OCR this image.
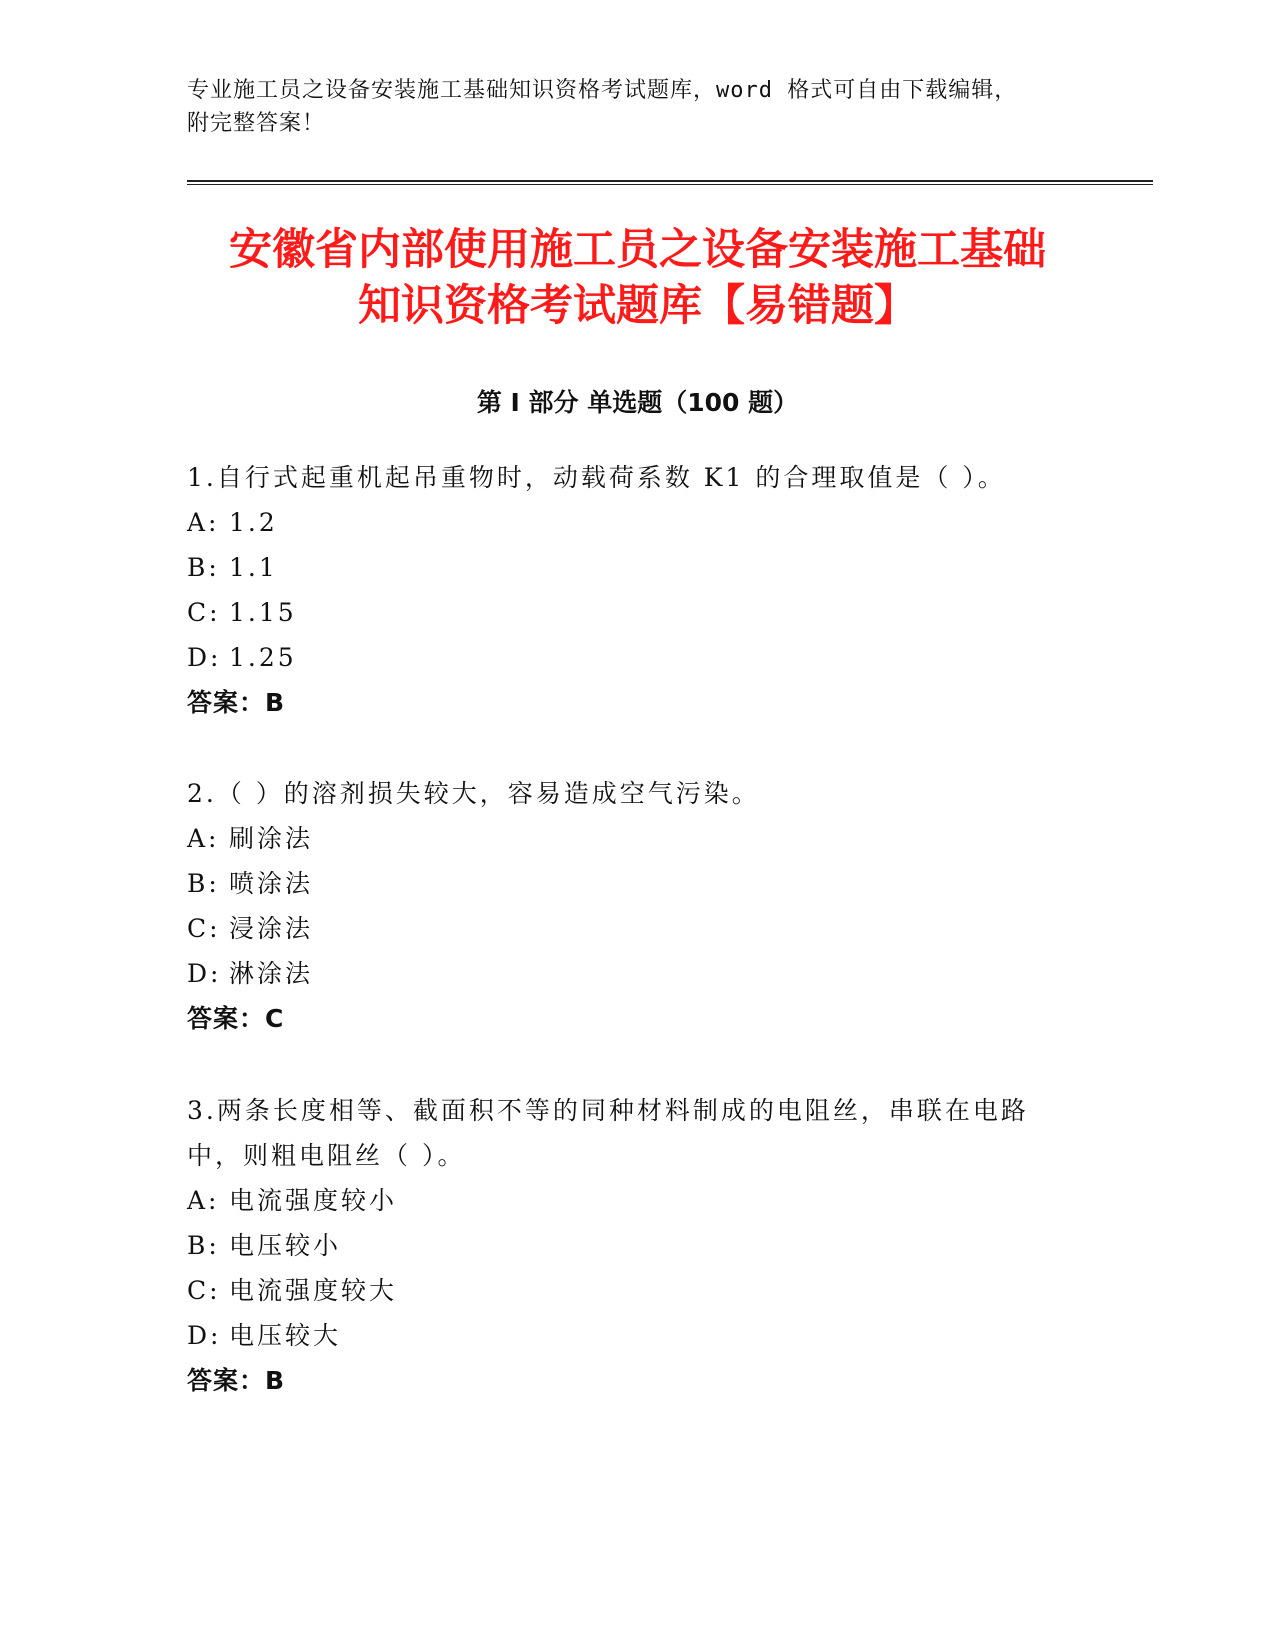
专业施工员之设备安装施工基础知识资格考试题库，word 格式可自由下载编辑，
附完整答案！
安徽省内部使用施工员之设备安装施工基础
知识资格考试题库【易错题】
第 I 部分 单选题（100 题）
1.自行式起重机起吊重物时，动载荷系数 K1 的合理取值是（ ）。
A: 1.2
B: 1.1
C: 1.15
D: 1.25
答案：B
2.（ ）的溶剂损失较大，容易造成空气污染。
A: 刷涂法
B: 喷涂法
C: 浸涂法
D: 淋涂法
答案：C
3.两条长度相等、截面积不等的同种材料制成的电阻丝，串联在电路中，则粗电阻丝（ ）。
A: 电流强度较小
B: 电压较小
C: 电流强度较大
D: 电压较大
答案：B
